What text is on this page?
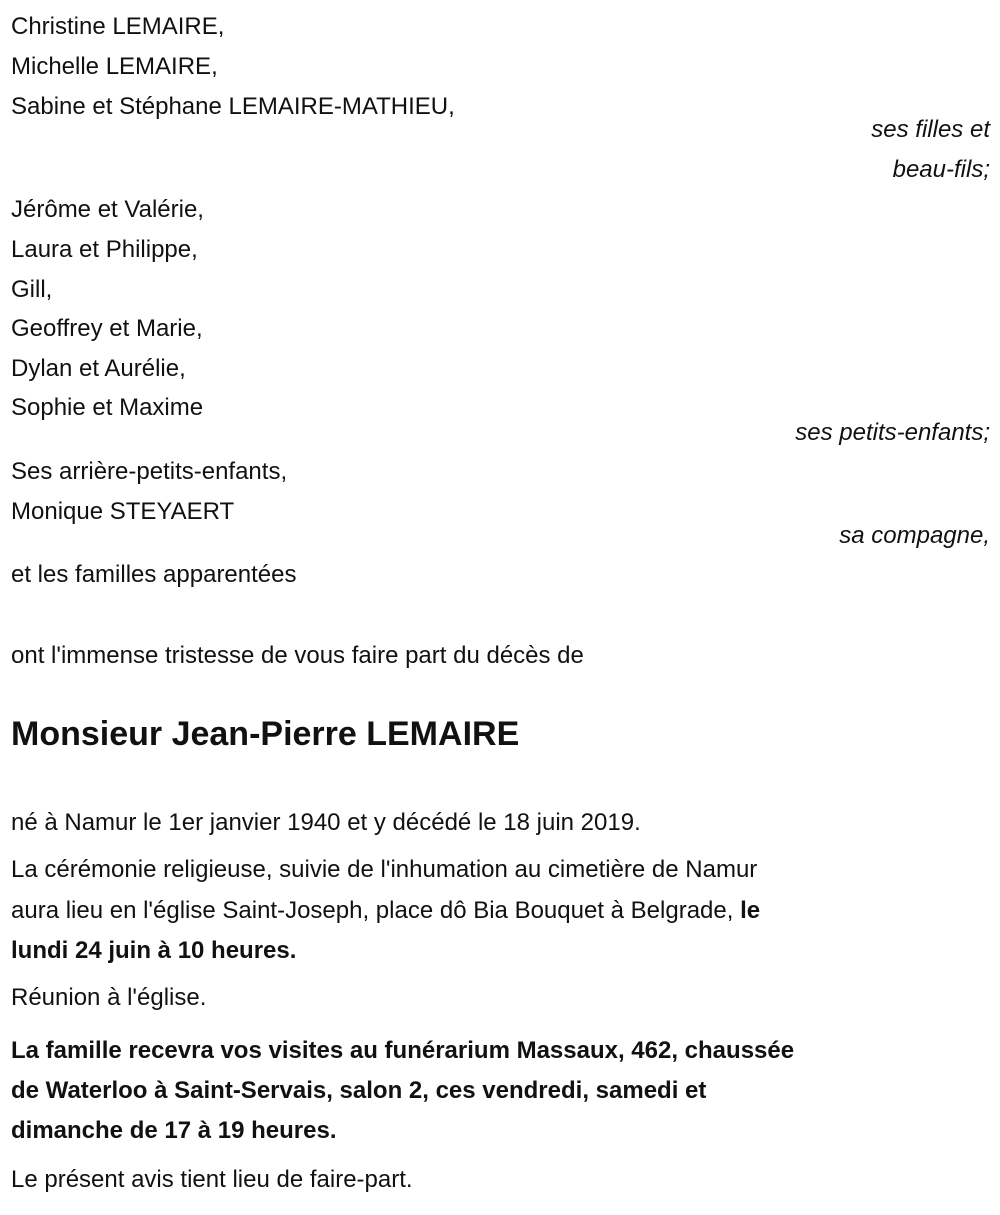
Christine LEMAIRE,
Michelle LEMAIRE,
Sabine et Stéphane LEMAIRE-MATHIEU,
ses filles et
beau-fils;
Jérôme et Valérie,
Laura et Philippe,
Gill,
Geoffrey et Marie,
Dylan et Aurélie,
Sophie et Maxime
ses petits-enfants;
Ses arrière-petits-enfants,
Monique STEYAERT
sa compagne,
et les familles apparentées
ont l'immense tristesse de vous faire part du décès de
Monsieur Jean-Pierre LEMAIRE
né à Namur le 1er janvier 1940 et y décédé le 18 juin 2019.
La cérémonie religieuse, suivie de l'inhumation au cimetière de Namur
aura lieu en l'église Saint-Joseph, place dô Bia Bouquet à Belgrade, le
lundi 24 juin à 10 heures.
Réunion à l'église.
La famille recevra vos visites au funérarium Massaux, 462, chaussée
de Waterloo à Saint-Servais, salon 2, ces vendredi, samedi et
dimanche de 17 à 19 heures.
Le présent avis tient lieu de faire-part.
